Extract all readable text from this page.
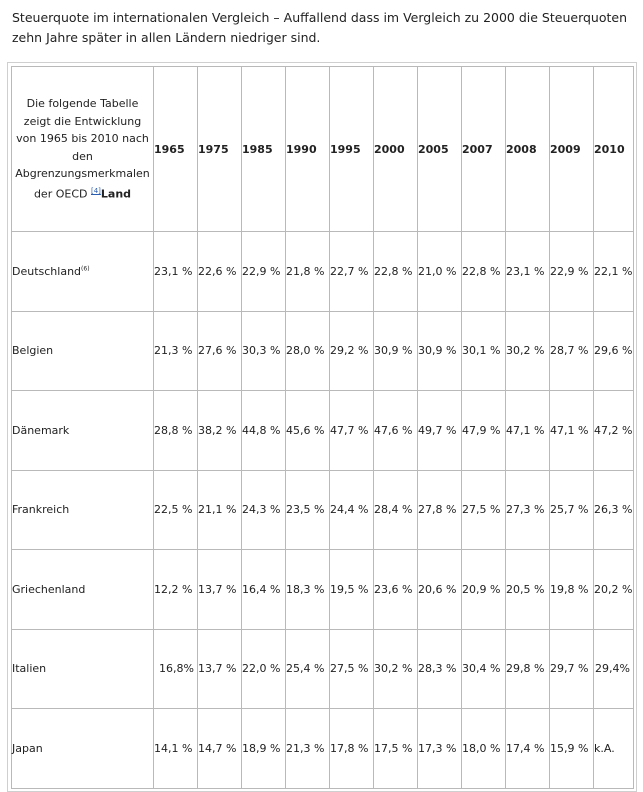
Steuerquote im internationalen Vergleich – Auffallend dass im Vergleich zu 2000 die Steuerquoten zehn Jahre später in allen Ländern niedriger sind.
Die folgende Tabelle zeigt die Entwicklung von 1965 bis 2010 nach den Abgrenzungsmerkmalen der OECD [4]Land	1965	1975	1985	1990	1995	2000	2005	2007	2008	2009	2010
Deutschland$^{(6)}$	23,1 %	22,6 %	22,9 %	21,8 %	22,7 %	22,8 %	21,0 %	22,8 %	23,1 %	22,9 %	22,1 %
Belgien	21,3 %	27,6 %	30,3 %	28,0 %	29,2 %	30,9 %	30,9 %	30,1 %	30,2 %	28,7 %	29,6 %
Dänemark	28,8 %	38,2 %	44,8 %	45,6 %	47,7 %	47,6 %	49,7 %	47,9 %	47,1 %	47,1 %	47,2 %
Frankreich	22,5 %	21,1 %	24,3 %	23,5 %	24,4 %	28,4 %	27,8 %	27,5 %	27,3 %	25,7 %	26,3 %
Griechenland	12,2 %	13,7 %	16,4 %	18,3 %	19,5 %	23,6 %	20,6 %	20,9 %	20,5 %	19,8 %	20,2 %
Italien	16,8%	13,7 %	22,0 %	25,4 %	27,5 %	30,2 %	28,3 %	30,4 %	29,8 %	29,7 %	29,4%
Japan	14,1 %	14,7 %	18,9 %	21,3 %	17,8 %	17,5 %	17,3 %	18,0 %	17,4 %	15,9 %	k.A.
